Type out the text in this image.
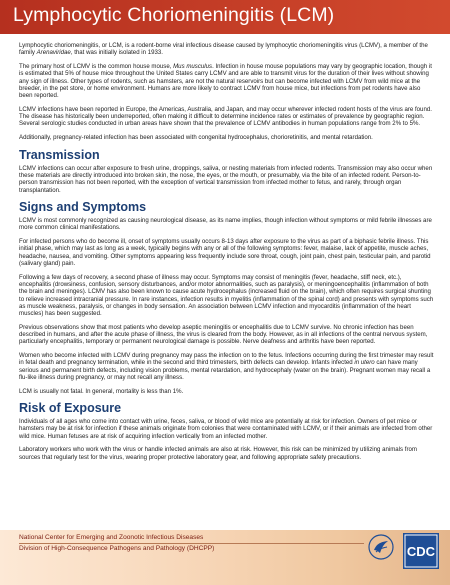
Lymphocytic Choriomeningitis (LCM)

Lymphocytic choriomeningitis, or LCM, is a rodent-borne viral infectious disease caused by lymphocytic choriomeningitis virus (LCMV), a member of the family Arenaviridae, that was initially isolated in 1933.

The primary host of LCMV is the common house mouse, Mus musculus. Infection in house mouse populations may vary by geographic location, though it is estimated that 5% of house mice throughout the United States carry LCMV and are able to transmit virus for the duration of their lives without showing any sign of illness. Other types of rodents, such as hamsters, are not the natural reservoirs but can become infected with LCMV from wild mice at the breeder, in the pet store, or home environment. Humans are more likely to contract LCMV from house mice, but infections from pet rodents have also been reported.

LCMV infections have been reported in Europe, the Americas, Australia, and Japan, and may occur wherever infected rodent hosts of the virus are found. The disease has historically been underreported, often making it difficult to determine incidence rates or estimates of prevalence by geographic region. Several serologic studies conducted in urban areas have shown that the prevalence of LCMV antibodies in human populations range from 2% to 5%.

Additionally, pregnancy-related infection has been associated with congenital hydrocephalus, chorioretinitis, and mental retardation.

Transmission

LCMV infections can occur after exposure to fresh urine, droppings, saliva, or nesting materials from infected rodents. Transmission may also occur when these materials are directly introduced into broken skin, the nose, the eyes, or the mouth, or presumably, via the bite of an infected rodent. Person-to-person transmission has not been reported, with the exception of vertical transmission from infected mother to fetus, and rarely, through organ transplantation.

Signs and Symptoms

LCMV is most commonly recognized as causing neurological disease, as its name implies, though infection without symptoms or mild febrile illnesses are more common clinical manifestations.

For infected persons who do become ill, onset of symptoms usually occurs 8-13 days after exposure to the virus as part of a biphasic febrile illness. This initial phase, which may last as long as a week, typically begins with any or all of the following symptoms: fever, malaise, lack of appetite, muscle aches, headache, nausea, and vomiting. Other symptoms appearing less frequently include sore throat, cough, joint pain, chest pain, testicular pain, and parotid (salivary gland) pain.

Following a few days of recovery, a second phase of illness may occur. Symptoms may consist of meningitis (fever, headache, stiff neck, etc.), encephalitis (drowsiness, confusion, sensory disturbances, and/or motor abnormalities, such as paralysis), or meningoencephalitis (inflammation of both the brain and meninges). LCMV has also been known to cause acute hydrocephalus (increased fluid on the brain), which often requires surgical shunting to relieve increased intracranial pressure. In rare instances, infection results in myelitis (inflammation of the spinal cord) and presents with symptoms such as muscle weakness, paralysis, or changes in body sensation. An association between LCMV infection and myocarditis (inflammation of the heart muscles) has been suggested.

Previous observations show that most patients who develop aseptic meningitis or encephalitis due to LCMV survive. No chronic infection has been described in humans, and after the acute phase of illness, the virus is cleared from the body. However, as in all infections of the central nervous system, particularly encephalitis, temporary or permanent neurological damage is possible. Nerve deafness and arthritis have been reported.

Women who become infected with LCMV during pregnancy may pass the infection on to the fetus. Infections occurring during the first trimester may result in fetal death and pregnancy termination, while in the second and third trimesters, birth defects can develop. Infants infected in utero can have many serious and permanent birth defects, including vision problems, mental retardation, and hydrocephaly (water on the brain). Pregnant women may recall a flu-like illness during pregnancy, or may not recall any illness.

LCM is usually not fatal. In general, mortality is less than 1%.

Risk of Exposure

Individuals of all ages who come into contact with urine, feces, saliva, or blood of wild mice are potentially at risk for infection. Owners of pet mice or hamsters may be at risk for infection if these animals originate from colonies that were contaminated with LCMV, or if their animals are infected from other wild mice. Human fetuses are at risk of acquiring infection vertically from an infected mother.

Laboratory workers who work with the virus or handle infected animals are also at risk. However, this risk can be minimized by utilizing animals from sources that regularly test for the virus, wearing proper protective laboratory gear, and following appropriate safety precautions.

National Center for Emerging and Zoonotic Infectious Diseases
Division of High-Consequence Pathogens and Pathology (DHCPP)	CDC
